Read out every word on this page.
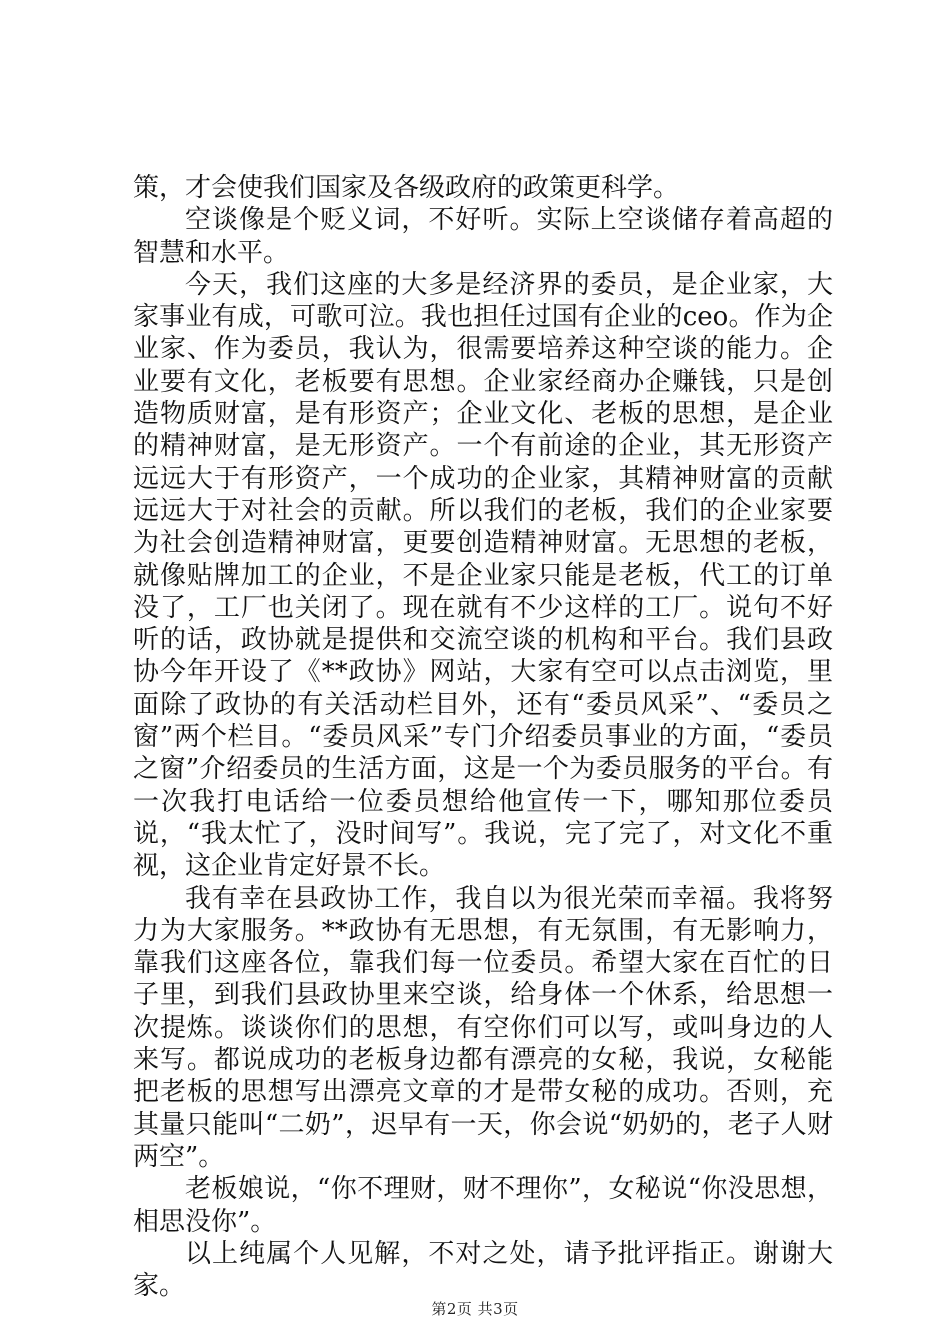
策，才会使我们国家及各级政府的政策更科学。

空谈像是个贬义词，不好听。实际上空谈储存着高超的智慧和水平。

今天，我们这座的大多是经济界的委员，是企业家，大家事业有成，可歌可泣。我也担任过国有企业的ceo。作为企业家、作为委员，我认为，很需要培养这种空谈的能力。企业要有文化，老板要有思想。企业家经商办企赚钱，只是创造物质财富，是有形资产；企业文化、老板的思想，是企业的精神财富，是无形资产。一个有前途的企业，其无形资产远远大于有形资产，一个成功的企业家，其精神财富的贡献远远大于对社会的贡献。所以我们的老板，我们的企业家要为社会创造精神财富，更要创造精神财富。无思想的老板，就像贴牌加工的企业，不是企业家只能是老板，代工的订单没了，工厂也关闭了。现在就有不少这样的工厂。说句不好听的话，政协就是提供和交流空谈的机构和平台。我们县政协今年开设了《**政协》网站，大家有空可以点击浏览，里面除了政协的有关活动栏目外，还有“委员风采”、“委员之窗”两个栏目。“委员风采”专门介绍委员事业的方面，“委员之窗”介绍委员的生活方面，这是一个为委员服务的平台。有一次我打电话给一位委员想给他宣传一下，哪知那位委员说，“我太忙了，没时间写”。我说，完了完了，对文化不重视，这企业肯定好景不长。

我有幸在县政协工作，我自以为很光荣而幸福。我将努力为大家服务。**政协有无思想，有无氛围，有无影响力，靠我们这座各位，靠我们每一位委员。希望大家在百忙的日子里，到我们县政协里来空谈，给身体一个休系，给思想一次提炼。谈谈你们的思想，有空你们可以写，或叫身边的人来写。都说成功的老板身边都有漂亮的女秘，我说，女秘能把老板的思想写出漂亮文章的才是带女秘的成功。否则，充其量只能叫“二奶”，迟早有一天，你会说“奶奶的，老子人财两空”。

老板娘说，“你不理财，财不理你”，女秘说“你没思想，相思没你”。

以上纯属个人见解，不对之处，请予批评指正。谢谢大家。

第2页 共3页
